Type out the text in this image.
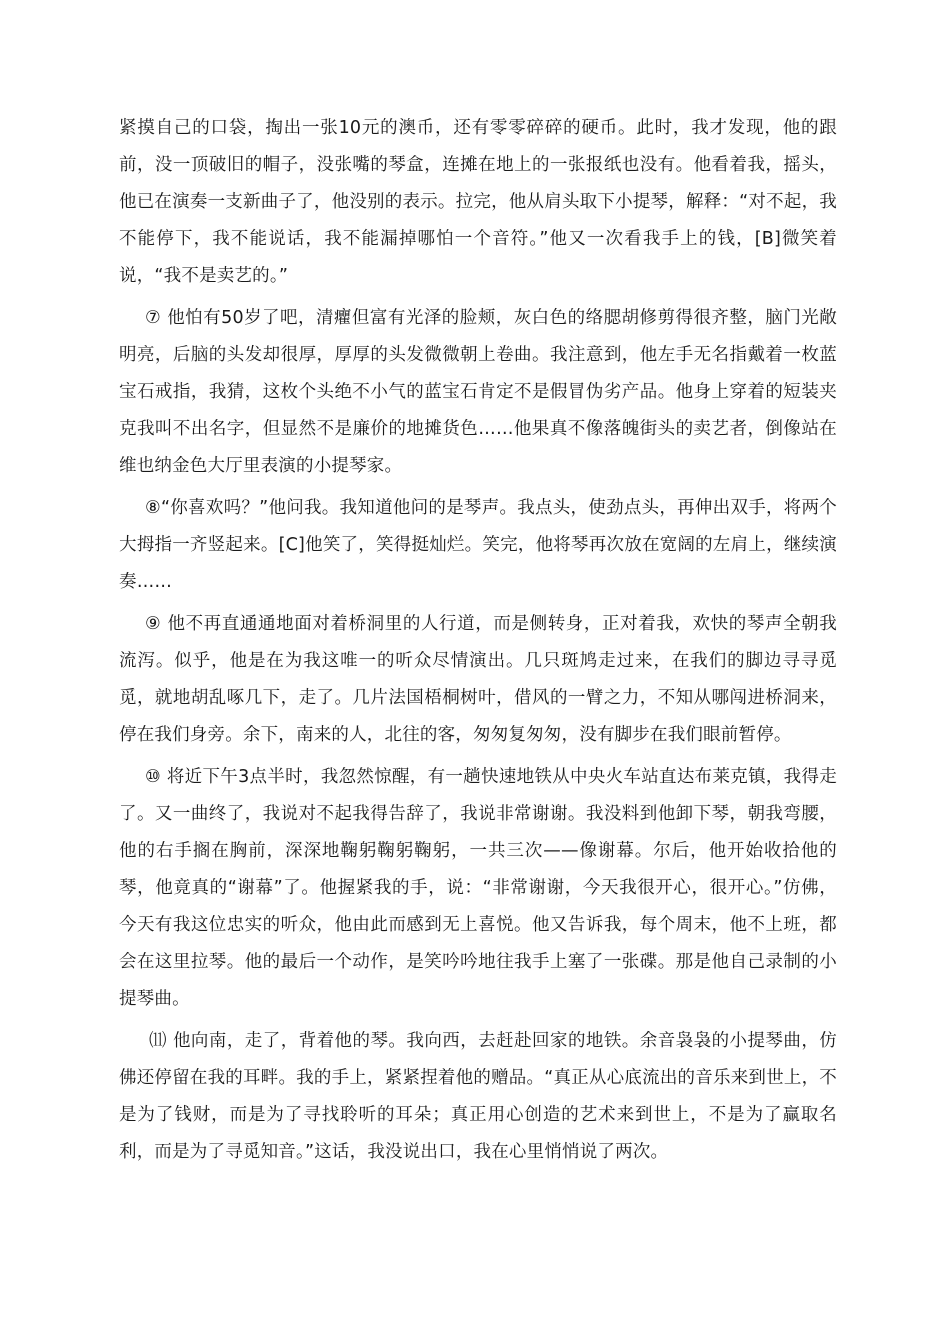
紧摸自己的口袋，掏出一张10元的澳币，还有零零碎碎的硬币。此时，我才发现，他的跟前，没一顶破旧的帽子，没张嘴的琴盒，连摊在地上的一张报纸也没有。他看着我，摇头，他已在演奏一支新曲子了，他没别的表示。拉完，他从肩头取下小提琴，解释：“对不起，我不能停下，我不能说话，我不能漏掉哪怕一个音符。”他又一次看我手上的钱，[B]微笑着说，“我不是卖艺的。”

⑦ 他怕有50岁了吧，清癯但富有光泽的脸颊，灰白色的络腮胡修剪得很齐整，脑门光敞明亮，后脑的头发却很厚，厚厚的头发微微朝上卷曲。我注意到，他左手无名指戴着一枚蓝宝石戒指，我猜，这枚个头绝不小气的蓝宝石肯定不是假冒伪劣产品。他身上穿着的短装夹克我叫不出名字，但显然不是廉价的地摊货色……他果真不像落魄街头的卖艺者，倒像站在维也纳金色大厅里表演的小提琴家。

⑧“你喜欢吗？”他问我。我知道他问的是琴声。我点头，使劲点头，再伸出双手，将两个大拇指一齐竖起来。[C]他笑了，笑得挺灿烂。笑完，他将琴再次放在宽阔的左肩上，继续演奏……

⑨ 他不再直通通地面对着桥洞里的人行道，而是侧转身，正对着我，欢快的琴声全朝我流泻。似乎，他是在为我这唯一的听众尽情演出。几只斑鸠走过来，在我们的脚边寻寻觅觅，就地胡乱啄几下，走了。几片法国梧桐树叶，借风的一臂之力，不知从哪闯进桥洞来，停在我们身旁。余下，南来的人，北往的客，匆匆复匆匆，没有脚步在我们眼前暂停。

⑩ 将近下午3点半时，我忽然惊醒，有一趟快速地铁从中央火车站直达布莱克镇，我得走了。又一曲终了，我说对不起我得告辞了，我说非常谢谢。我没料到他卸下琴，朝我弯腰，他的右手搁在胸前，深深地鞠躬鞠躬鞠躬，一共三次——像谢幕。尔后，他开始收拾他的琴，他竟真的“谢幕”了。他握紧我的手，说：“非常谢谢，今天我很开心，很开心。”仿佛，今天有我这位忠实的听众，他由此而感到无上喜悦。他又告诉我，每个周末，他不上班，都会在这里拉琴。他的最后一个动作，是笑吟吟地往我手上塞了一张碟。那是他自己录制的小提琴曲。

⑾ 他向南，走了，背着他的琴。我向西，去赶赴回家的地铁。余音袅袅的小提琴曲，仿佛还停留在我的耳畔。我的手上，紧紧捏着他的赠品。“真正从心底流出的音乐来到世上，不是为了钱财，而是为了寻找聆听的耳朵；真正用心创造的艺术来到世上，不是为了赢取名利，而是为了寻觅知音。”这话，我没说出口，我在心里悄悄说了两次。
